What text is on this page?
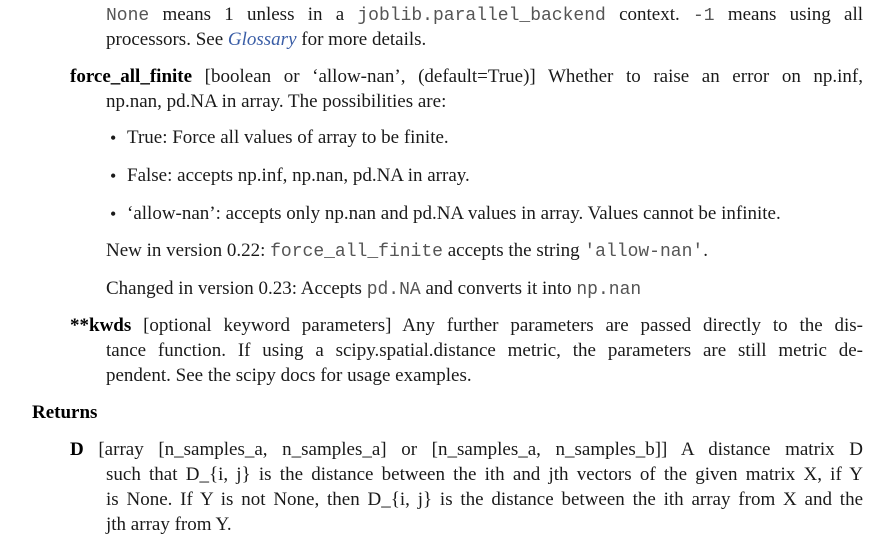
None means 1 unless in a joblib.parallel_backend context. -1 means using all
processors. See Glossary for more details.
force_all_finite [boolean or ‘allow-nan’, (default=True)] Whether to raise an error on np.inf,
np.nan, pd.NA in array. The possibilities are:
• True: Force all values of array to be finite.
• False: accepts np.inf, np.nan, pd.NA in array.
• ‘allow-nan’: accepts only np.nan and pd.NA values in array. Values cannot be infinite.
New in version 0.22: force_all_finite accepts the string 'allow-nan'.
Changed in version 0.23: Accepts pd.NA and converts it into np.nan
**kwds [optional keyword parameters] Any further parameters are passed directly to the dis-
tance function. If using a scipy.spatial.distance metric, the parameters are still metric de-
pendent. See the scipy docs for usage examples.
Returns
D [array [n_samples_a, n_samples_a] or [n_samples_a, n_samples_b]] A distance matrix D
such that D_{i, j} is the distance between the ith and jth vectors of the given matrix X, if Y
is None. If Y is not None, then D_{i, j} is the distance between the ith array from X and the
jth array from Y.
